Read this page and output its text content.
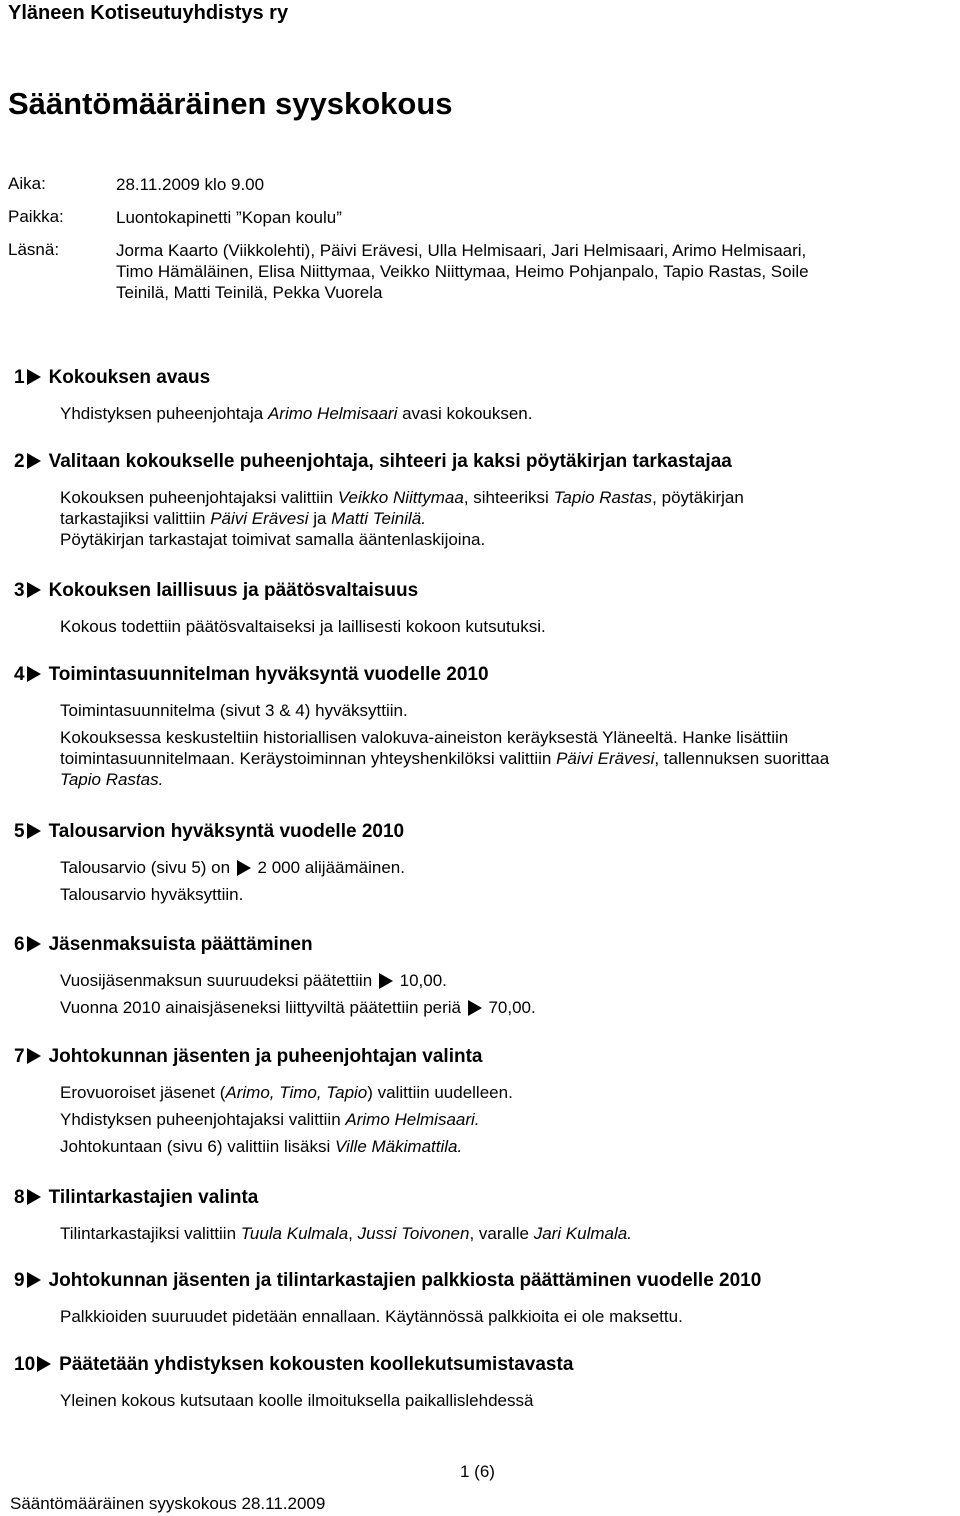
Yläneen Kotiseutuyhdistys ry
Sääntömääräinen syyskokous
Aika:	28.11.2009 klo 9.00
Paikka:	Luontokapinetti ”Kopan koulu”
Läsnä:	Jorma Kaarto (Viikkolehti), Päivi Erävesi, Ulla Helmisaari, Jari Helmisaari, Arimo Helmisaari,
Timo Hämäläinen, Elisa Niittymaa, Veikko Niittymaa, Heimo Pohjanpalo, Tapio Rastas, Soile
Teinilä, Matti Teinilä, Pekka Vuorela
1 Kokouksen avaus

Yhdistyksen puheenjohtaja Arimo Helmisaari avasi kokouksen.

2 Valitaan kokoukselle puheenjohtaja, sihteeri ja kaksi pöytäkirjan tarkastajaa

Kokouksen puheenjohtajaksi valittiin Veikko Niittymaa, sihteeriksi Tapio Rastas, pöytäkirjan

tarkastajiksi valittiin Päivi Erävesi ja Matti Teinilä.

Pöytäkirjan tarkastajat toimivat samalla ääntenlaskijoina.

3 Kokouksen laillisuus ja päätösvaltaisuus

Kokous todettiin päätösvaltaiseksi ja laillisesti kokoon kutsutuksi.

4 Toimintasuunnitelman hyväksyntä vuodelle 2010

Toimintasuunnitelma (sivut 3 & 4) hyväksyttiin.

Kokouksessa keskusteltiin historiallisen valokuva-aineiston keräyksestä Yläneeltä. Hanke lisättiin

toimintasuunnitelmaan. Keräystoiminnan yhteyshenkilöksi valittiin Päivi Erävesi, tallennuksen suorittaa

Tapio Rastas.

5 Talousarvion hyväksyntä vuodelle 2010

Talousarvio (sivu 5) on  2 000 alijäämäinen.

Talousarvio hyväksyttiin.

6 Jäsenmaksuista päättäminen

Vuosijäsenmaksun suuruudeksi päätettiin  10,00.

Vuonna 2010 ainaisjäseneksi liittyviltä päätettiin periä  70,00.

7 Johtokunnan jäsenten ja puheenjohtajan valinta

Erovuoroiset jäsenet (Arimo, Timo, Tapio) valittiin uudelleen.

Yhdistyksen puheenjohtajaksi valittiin Arimo Helmisaari.

Johtokuntaan (sivu 6) valittiin lisäksi Ville Mäkimattila.

8 Tilintarkastajien valinta

Tilintarkastajiksi valittiin Tuula Kulmala, Jussi Toivonen, varalle Jari Kulmala.

9 Johtokunnan jäsenten ja tilintarkastajien palkkiosta päättäminen vuodelle 2010

Palkkioiden suuruudet pidetään ennallaan. Käytännössä palkkioita ei ole maksettu.

10 Päätetään yhdistyksen kokousten koollekutsumistavasta

Yleinen kokous kutsutaan koolle ilmoituksella paikallislehdessä

1 (6)
Sääntömääräinen syyskokous 28.11.2009
